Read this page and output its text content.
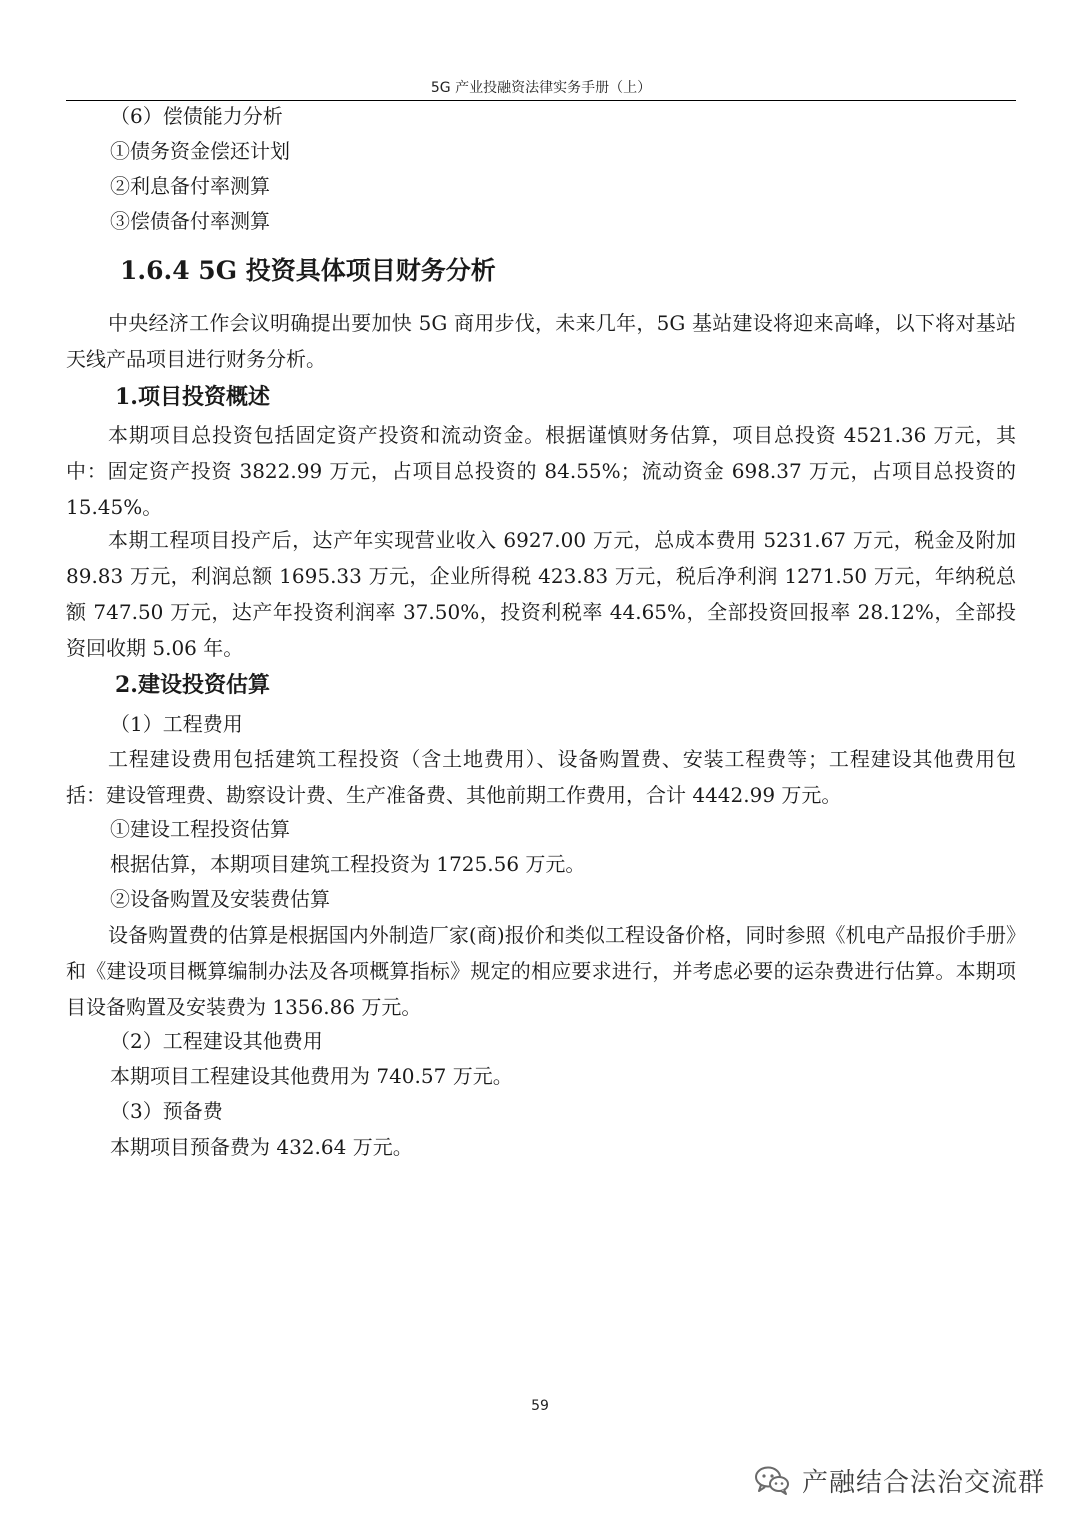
5G 产业投融资法律实务手册（上）
（6）偿债能力分析
①债务资金偿还计划
②利息备付率测算
③偿债备付率测算
1.6.4 5G 投资具体项目财务分析
中央经济工作会议明确提出要加快 5G 商用步伐，未来几年，5G 基站建设将迎来高峰，以下将对基站天线产品项目进行财务分析。
1.项目投资概述
本期项目总投资包括固定资产投资和流动资金。根据谨慎财务估算，项目总投资 4521.36 万元，其中：固定资产投资 3822.99 万元，占项目总投资的 84.55%；流动资金 698.37 万元，占项目总投资的 15.45%。
本期工程项目投产后，达产年实现营业收入 6927.00 万元，总成本费用 5231.67 万元，税金及附加 89.83 万元，利润总额 1695.33 万元，企业所得税 423.83 万元，税后净利润 1271.50 万元，年纳税总额 747.50 万元，达产年投资利润率 37.50%，投资利税率 44.65%，全部投资回报率 28.12%，全部投资回收期 5.06 年。
2.建设投资估算
（1）工程费用
工程建设费用包括建筑工程投资（含土地费用）、设备购置费、安装工程费等；工程建设其他费用包括：建设管理费、勘察设计费、生产准备费、其他前期工作费用，合计 4442.99 万元。
①建设工程投资估算
根据估算，本期项目建筑工程投资为 1725.56 万元。
②设备购置及安装费估算
设备购置费的估算是根据国内外制造厂家(商)报价和类似工程设备价格，同时参照《机电产品报价手册》和《建设项目概算编制办法及各项概算指标》规定的相应要求进行，并考虑必要的运杂费进行估算。本期项目设备购置及安装费为 1356.86 万元。
（2）工程建设其他费用
本期项目工程建设其他费用为 740.57 万元。
（3）预备费
本期项目预备费为 432.64 万元。
59
产融结合法治交流群
